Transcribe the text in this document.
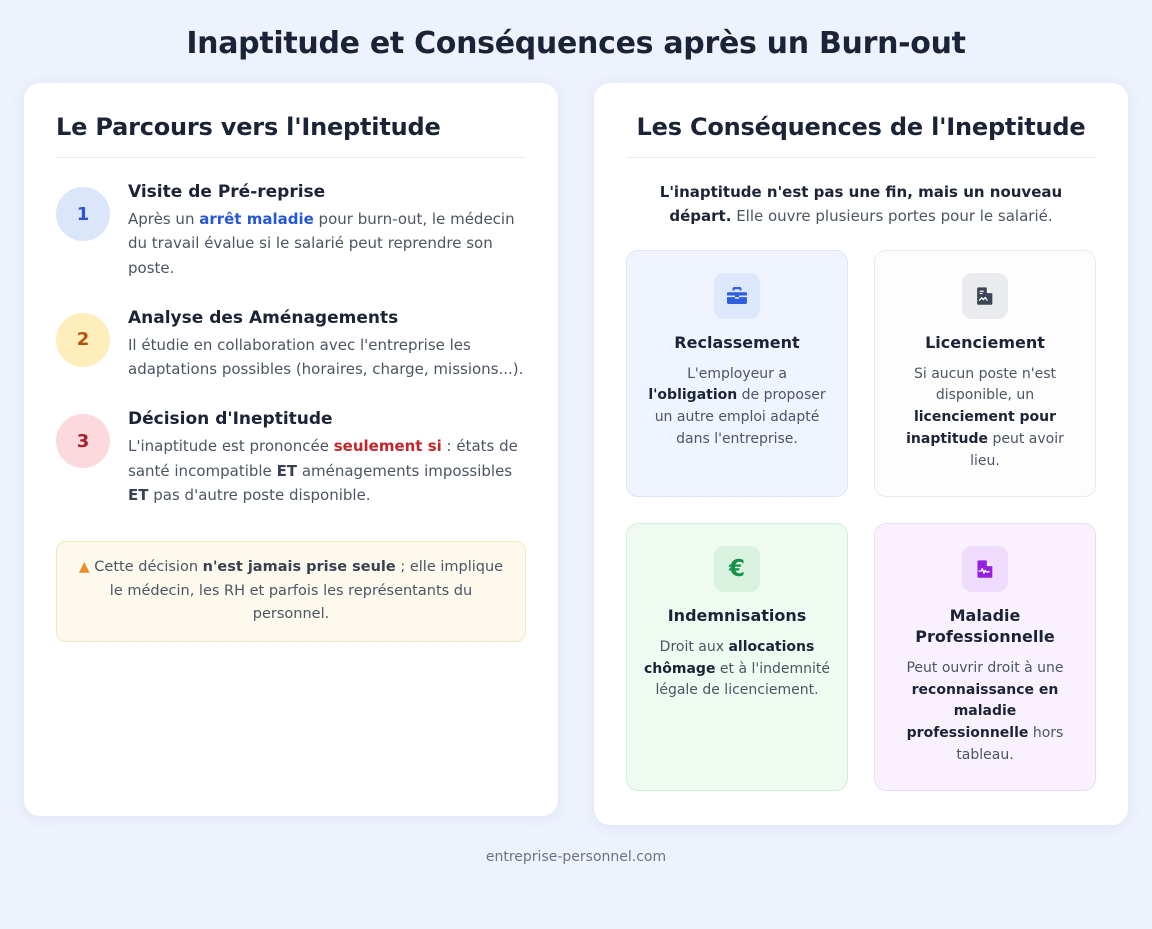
Inaptitude et Conséquences après un Burn-out
Le Parcours vers l'Ineptitude
1
Visite de Pré-reprise

Après un arrêt maladie pour burn-out, le médecin du travail évalue si le salarié peut reprendre son poste.

2
Analyse des Aménagements

Il étudie en collaboration avec l'entreprise les adaptations possibles (horaires, charge, missions...).

3
Décision d'Ineptitude

L'inaptitude est prononcée seulement si : états de santé incompatible ET aménagements impossibles ET pas d'autre poste disponible.

▲ Cette décision n'est jamais prise seule ; elle implique le médecin, les RH et parfois les représentants du personnel.
Les Conséquences de l'Ineptitude

L'inaptitude n'est pas une fin, mais un nouveau départ. Elle ouvre plusieurs portes pour le salarié.

Reclassement

L'employeur a l'obligation de proposer un autre emploi adapté dans l'entreprise.

Licenciement

Si aucun poste n'est disponible, un licenciement pour inaptitude peut avoir lieu.

€
Indemnisations

Droit aux allocations chômage et à l'indemnité légale de licenciement.

Maladie Professionnelle

Peut ouvrir droit à une reconnaissance en maladie professionnelle hors tableau.

entreprise-personnel.com
